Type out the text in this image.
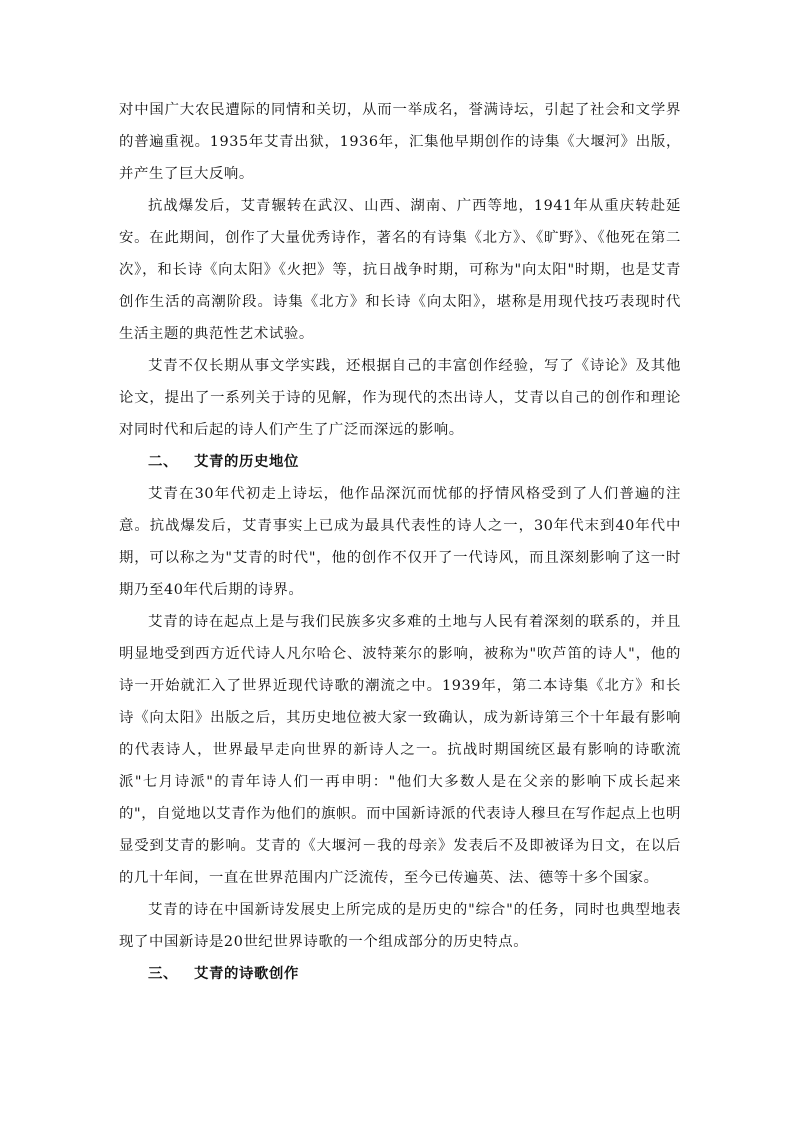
对中国广大农民遭际的同情和关切，从而一举成名，誉满诗坛，引起了社会和文学界的普遍重视。1935年艾青出狱，1936年，汇集他早期创作的诗集《大堰河》出版，并产生了巨大反响。

抗战爆发后，艾青辗转在武汉、山西、湖南、广西等地，1941年从重庆转赴延安。在此期间，创作了大量优秀诗作，著名的有诗集《北方》、《旷野》、《他死在第二次》，和长诗《向太阳》《火把》等，抗日战争时期，可称为"向太阳"时期，也是艾青创作生活的高潮阶段。诗集《北方》和长诗《向太阳》，堪称是用现代技巧表现时代生活主题的典范性艺术试验。

艾青不仅长期从事文学实践，还根据自己的丰富创作经验，写了《诗论》及其他论文，提出了一系列关于诗的见解，作为现代的杰出诗人，艾青以自己的创作和理论对同时代和后起的诗人们产生了广泛而深远的影响。

二、 艾青的历史地位

艾青在30年代初走上诗坛，他作品深沉而忧郁的抒情风格受到了人们普遍的注意。抗战爆发后，艾青事实上已成为最具代表性的诗人之一，30年代末到40年代中期，可以称之为"艾青的时代"，他的创作不仅开了一代诗风，而且深刻影响了这一时期乃至40年代后期的诗界。

艾青的诗在起点上是与我们民族多灾多难的土地与人民有着深刻的联系的，并且明显地受到西方近代诗人凡尔哈仑、波特莱尔的影响，被称为"吹芦笛的诗人"，他的诗一开始就汇入了世界近现代诗歌的潮流之中。1939年，第二本诗集《北方》和长诗《向太阳》出版之后，其历史地位被大家一致确认，成为新诗第三个十年最有影响的代表诗人，世界最早走向世界的新诗人之一。抗战时期国统区最有影响的诗歌流派"七月诗派"的青年诗人们一再申明："他们大多数人是在父亲的影响下成长起来的"，自觉地以艾青作为他们的旗帜。而中国新诗派的代表诗人穆旦在写作起点上也明显受到艾青的影响。艾青的《大堰河－我的母亲》发表后不及即被译为日文，在以后的几十年间，一直在世界范围内广泛流传，至今已传遍英、法、德等十多个国家。

艾青的诗在中国新诗发展史上所完成的是历史的"综合"的任务，同时也典型地表现了中国新诗是20世纪世界诗歌的一个组成部分的历史特点。

三、 艾青的诗歌创作
